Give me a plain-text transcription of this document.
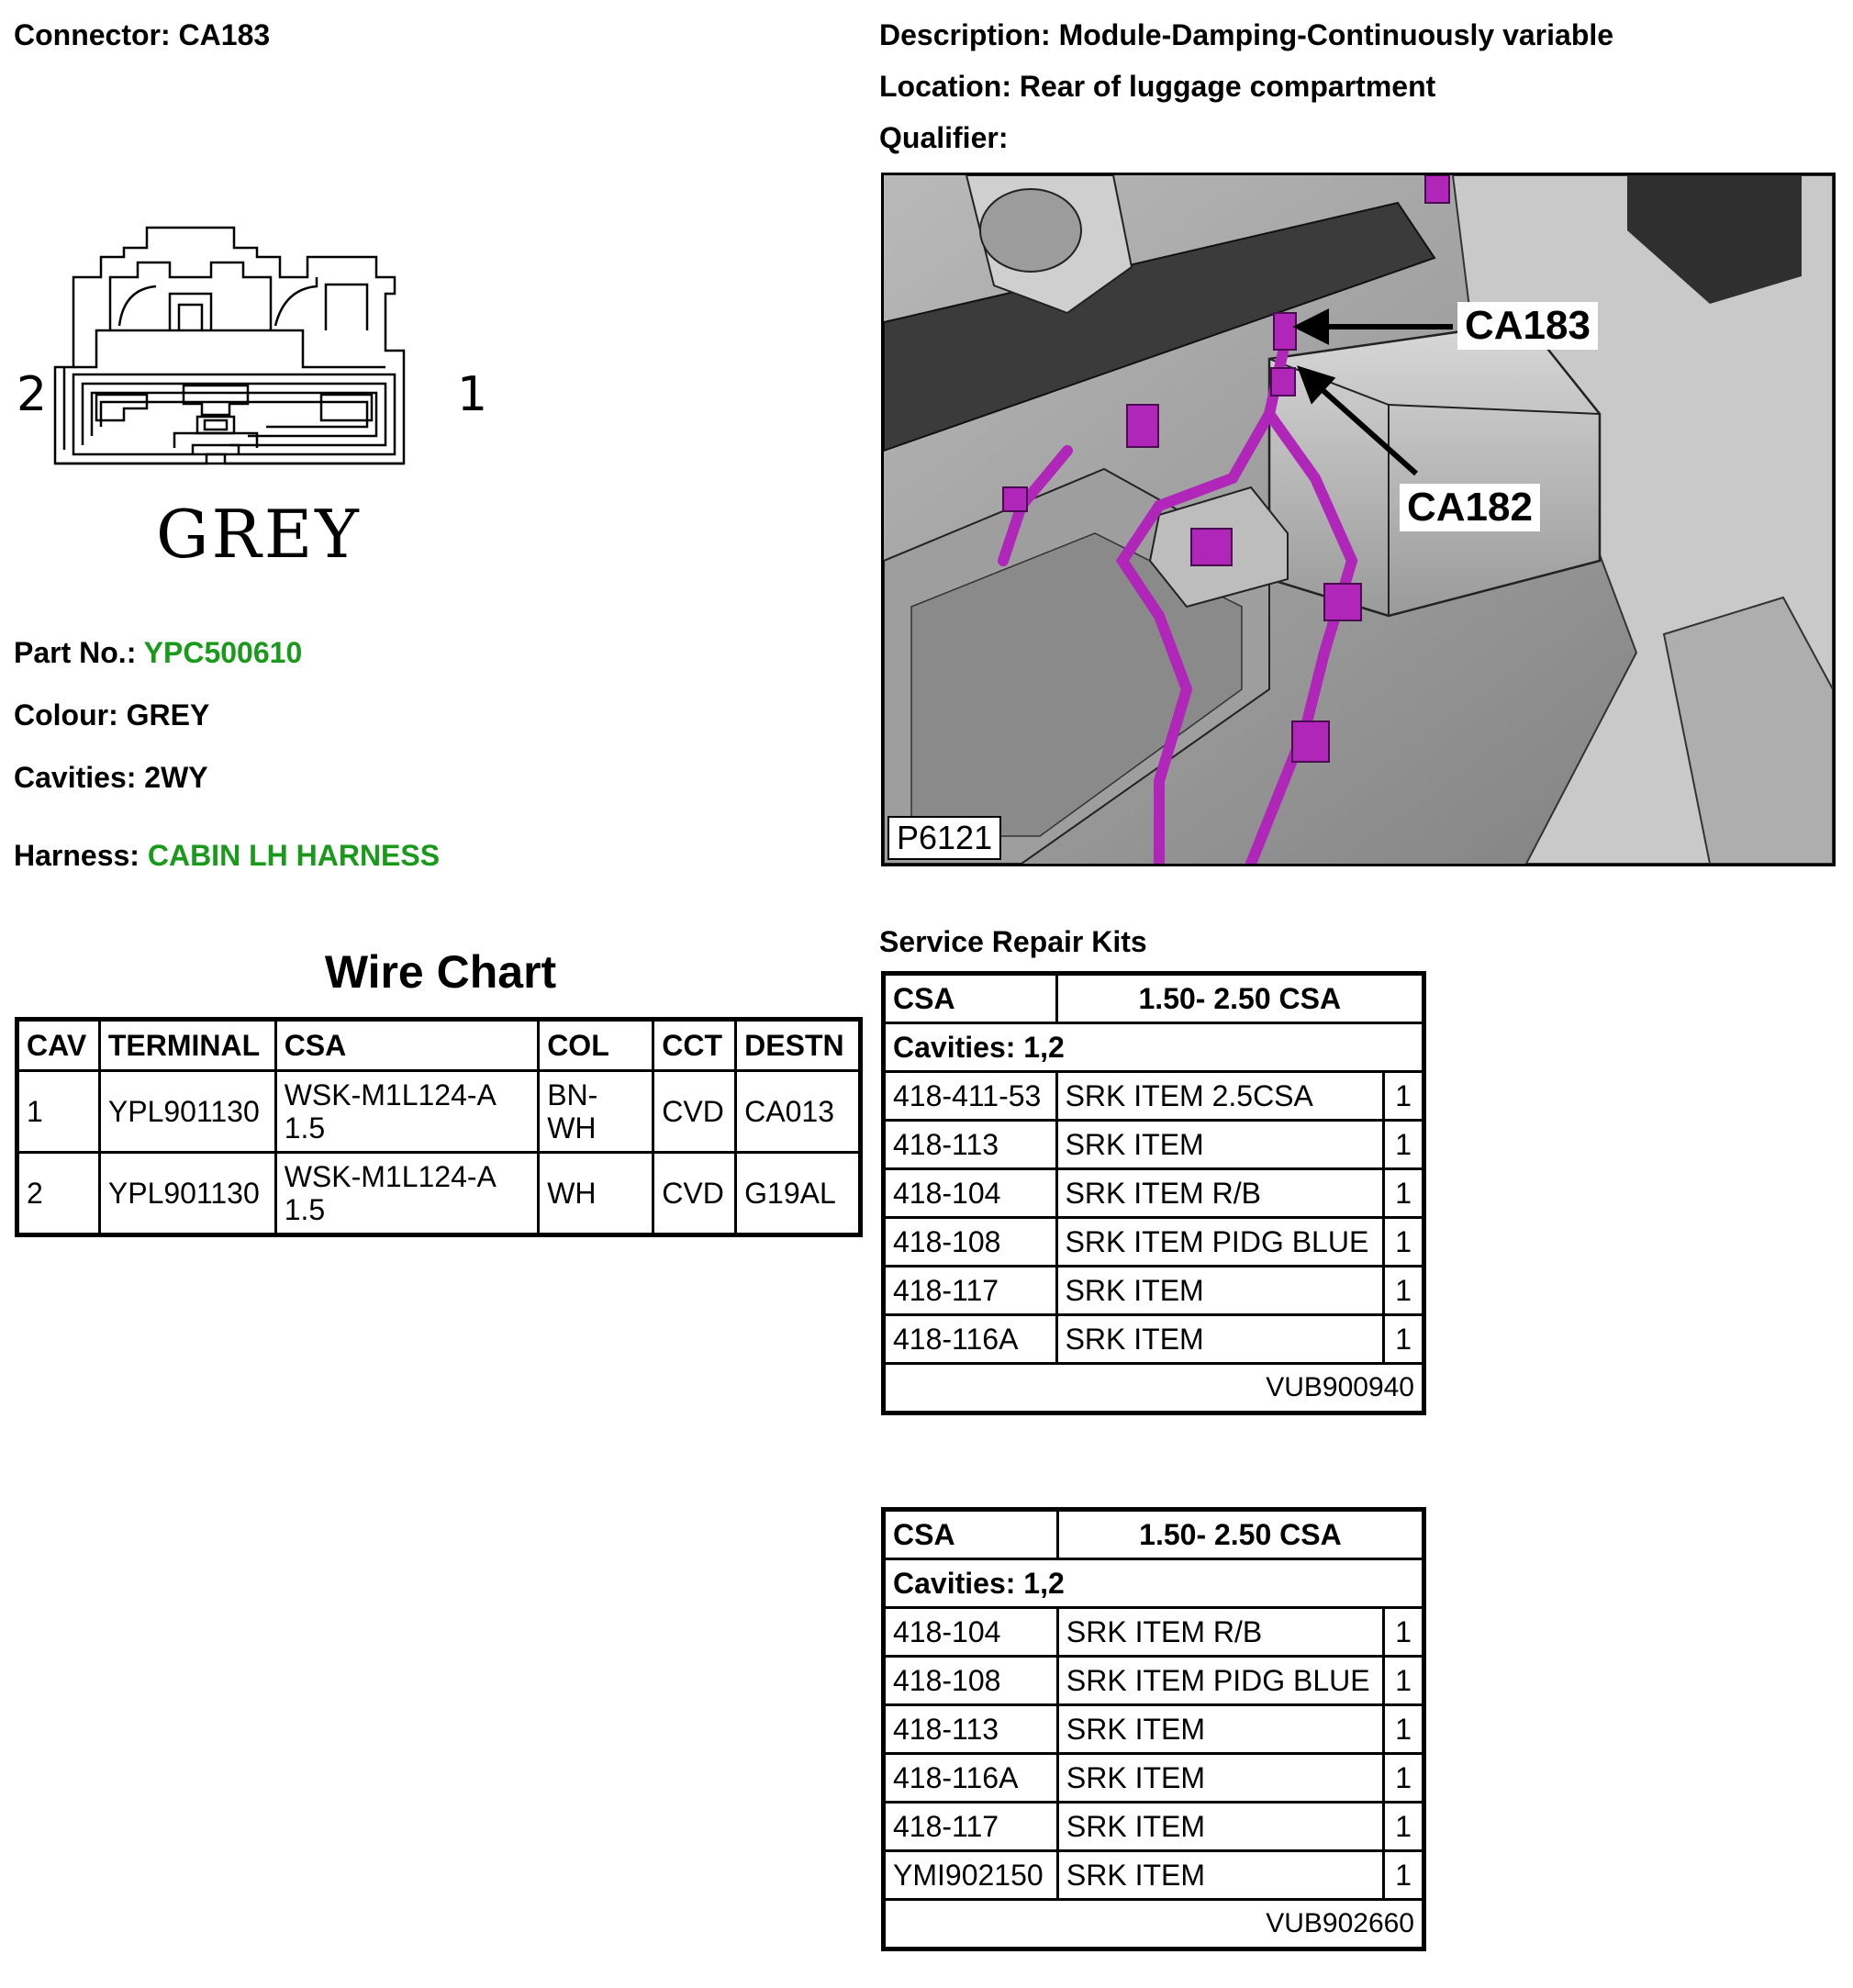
Connector: CA183	Description: Module-Damping-Continuously variable
Location: Rear of luggage compartment
Qualifier:
2	1
GREY
Part No.: YPC500610
Colour: GREY
Cavities: 2WY
Harness: CABIN LH HARNESS
CA183
CA182
P6121
Wire Chart
CAV	TERMINAL	CSA	COL	CCT	DESTN
1	YPL901130	WSK-M1L124-A 1.5	BN-WH	CVD	CA013
2	YPL901130	WSK-M1L124-A 1.5	WH	CVD	G19AL
Service Repair Kits
CSA	1.50- 2.50 CSA	
Cavities: 1,2		
418-411-53	SRK ITEM 2.5CSA	1
418-113	SRK ITEM	1
418-104	SRK ITEM R/B	1
418-108	SRK ITEM PIDG BLUE	1
418-117	SRK ITEM	1
418-116A	SRK ITEM	1
VUB900940		
CSA	1.50- 2.50 CSA	
Cavities: 1,2		
418-104	SRK ITEM R/B	1
418-108	SRK ITEM PIDG BLUE	1
418-113	SRK ITEM	1
418-116A	SRK ITEM	1
418-117	SRK ITEM	1
YMI902150	SRK ITEM	1
VUB902660		
